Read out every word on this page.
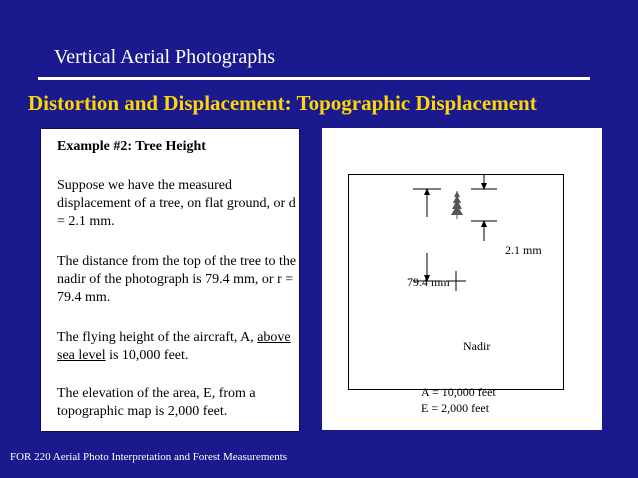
Vertical Aerial Photographs
Distortion and Displacement: Topographic Displacement
Example #2: Tree Height
Suppose we have the measured displacement of a tree, on flat ground, or d = 2.1 mm.
The distance from the top of the tree to the nadir of the photograph is 79.4 mm, or r = 79.4 mm.
The flying height of the aircraft, A, above sea level is 10,000 feet.
The elevation of the area, E, from a topographic map is 2,000 feet.
2.1 mm
79.4 mm
Nadir
A = 10,000 feet
E = 2,000 feet
FOR 220 Aerial Photo Interpretation and Forest Measurements
